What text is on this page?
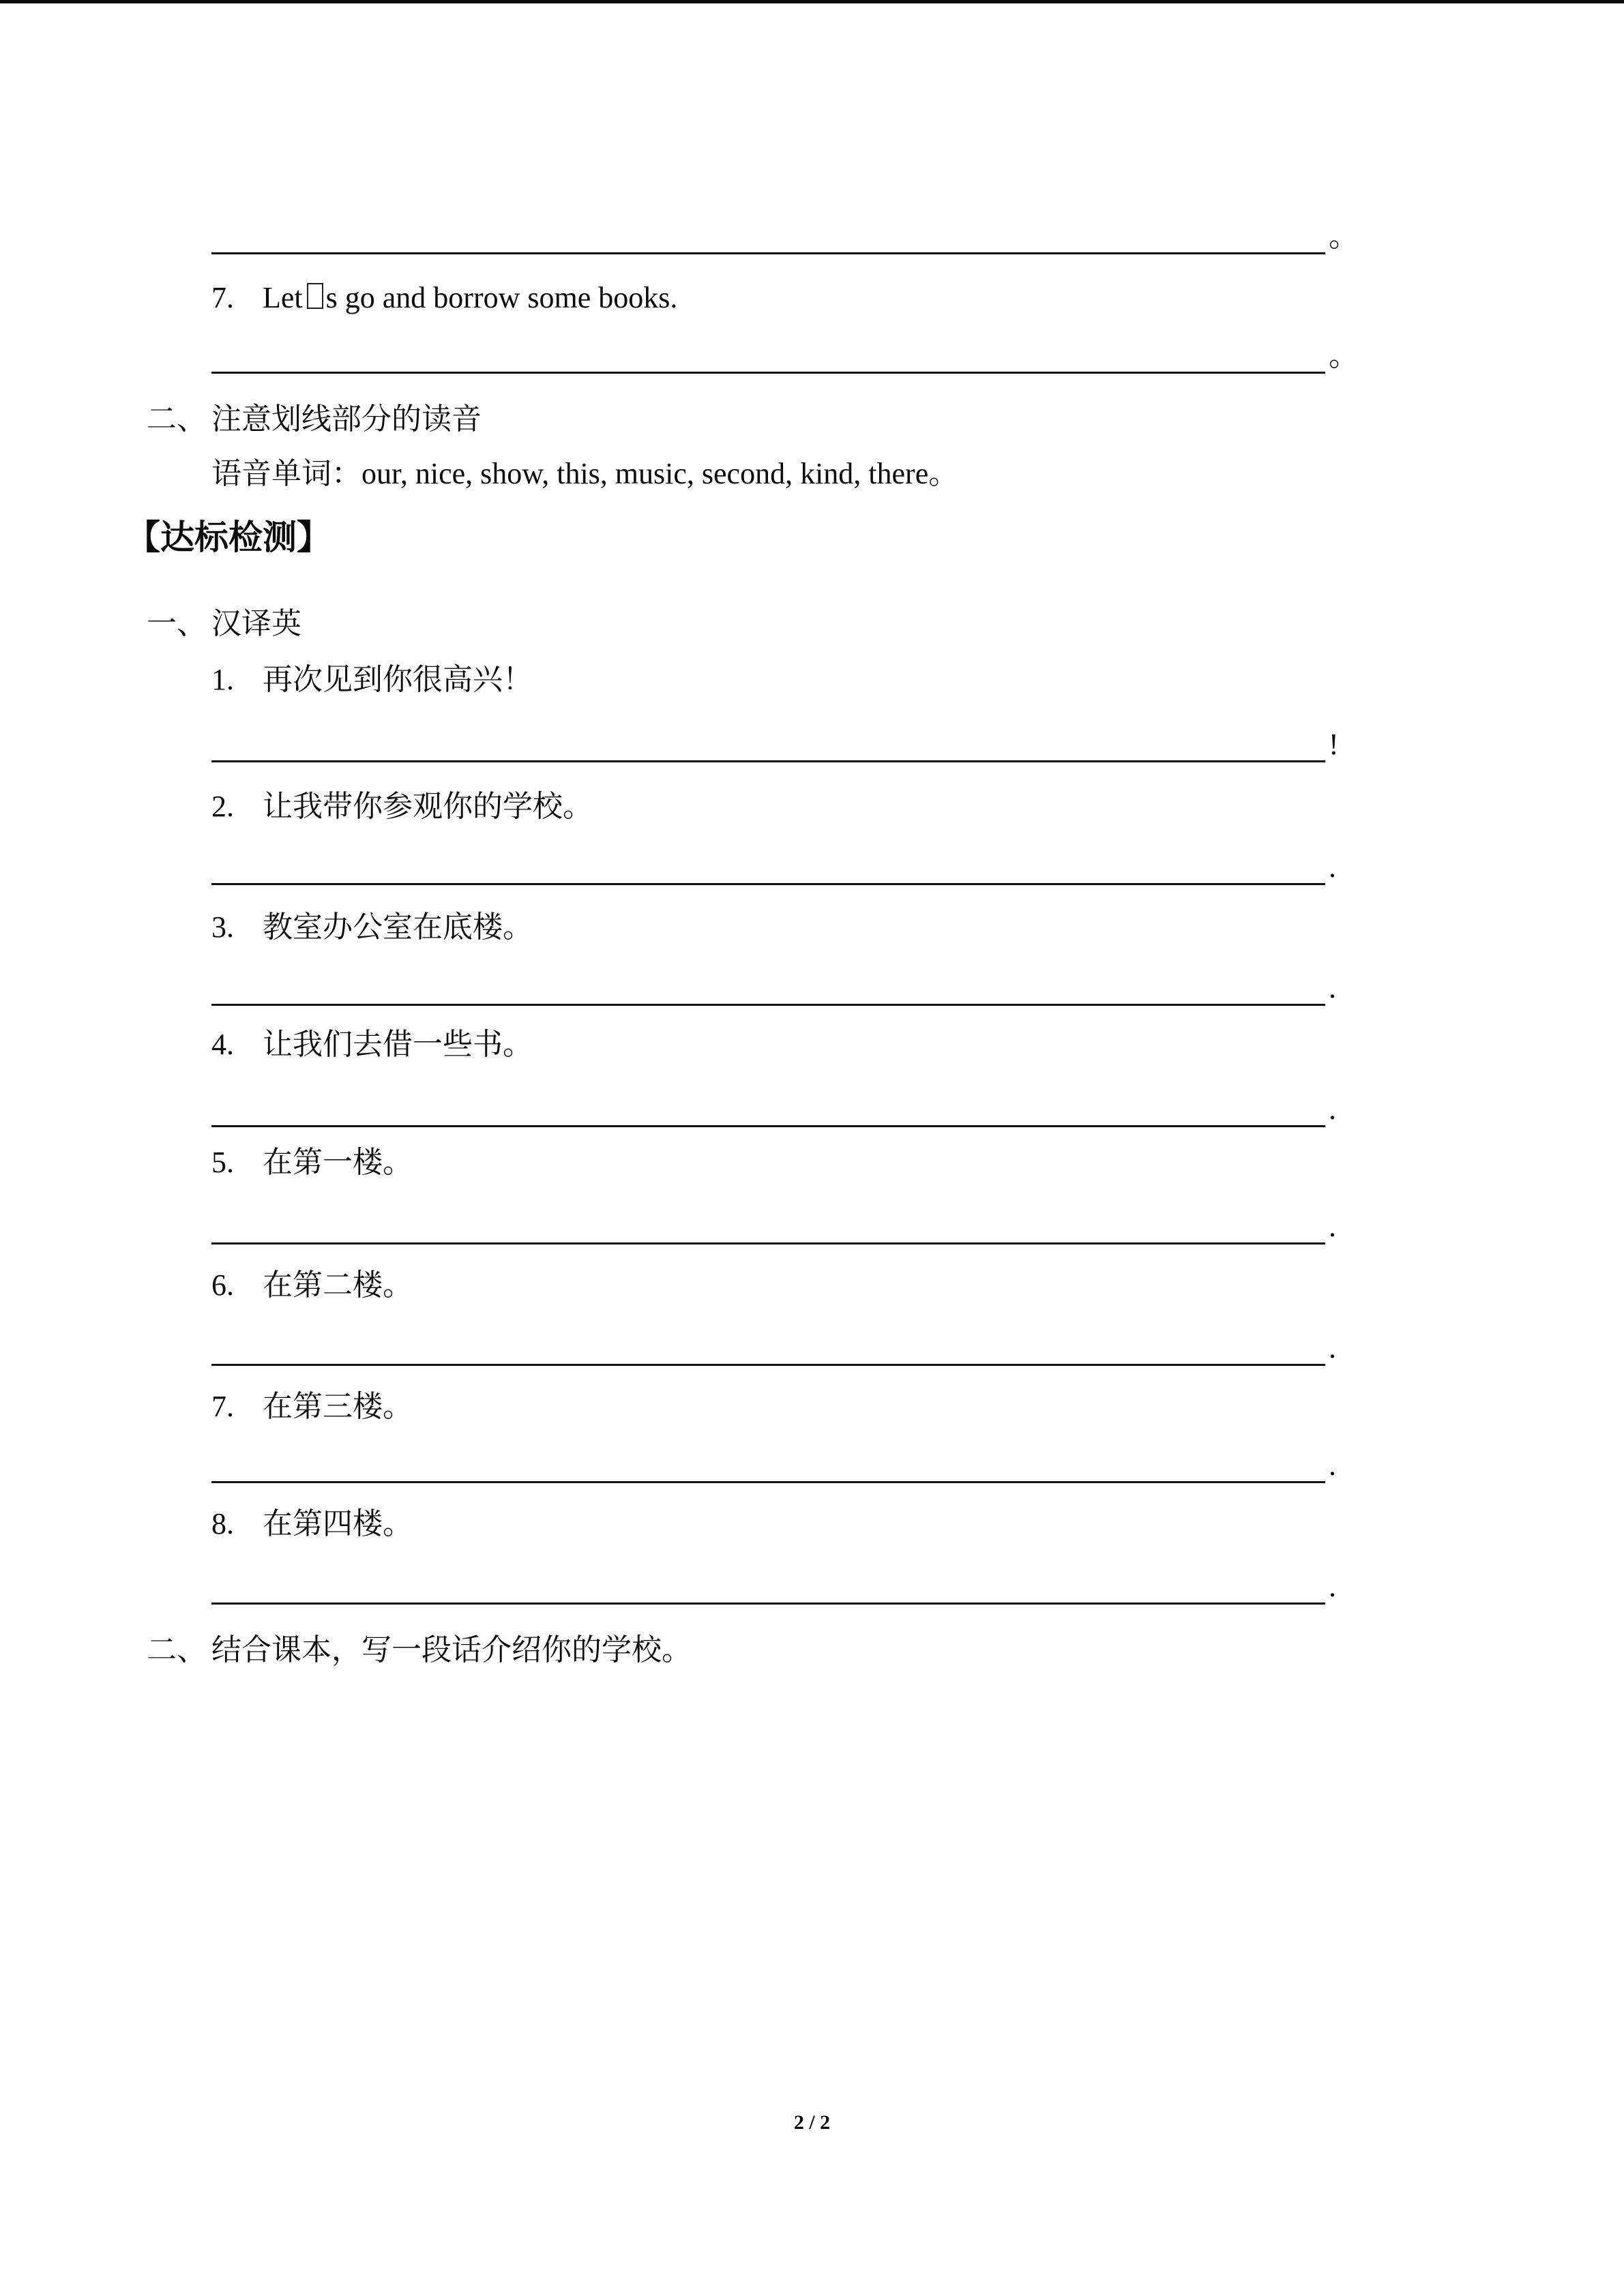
。
7. Let s go and borrow some books.
。
二、 注意划线部分的读音
语音单词：our, nice, show, this, music, second, kind, there。
【达标检测】
一、 汉译英
1. 再次见到你很高兴！
!
2. 让我带你参观你的学校。
.
3. 教室办公室在底楼。
.
4. 让我们去借一些书。
.
5. 在第一楼。
.
6. 在第二楼。
.
7. 在第三楼。
.
8. 在第四楼。
.
二、 结合课本，写一段话介绍你的学校。
2 / 2
